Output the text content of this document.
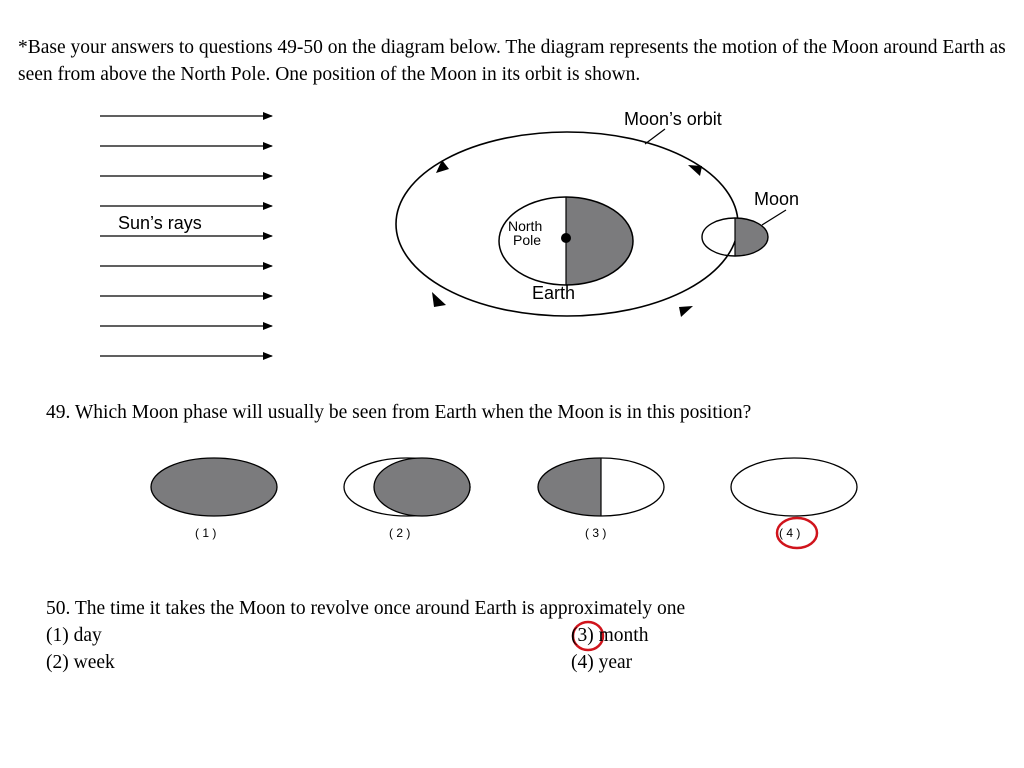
*Base your answers to questions 49-50 on the diagram below. The diagram represents the motion of the Moon around Earth as seen from above the North Pole. One position of the Moon in its orbit is shown.

Sun’s rays
Moon’s orbit
North
Pole
Earth
Moon
( 1 )	( 2 )	( 3 )	( 4 )

49. Which Moon phase will usually be seen from Earth when the Moon is in this position?

50. The time it takes the Moon to revolve once around Earth is approximately one

(1) day
(2) week
(3) month
(4) year
